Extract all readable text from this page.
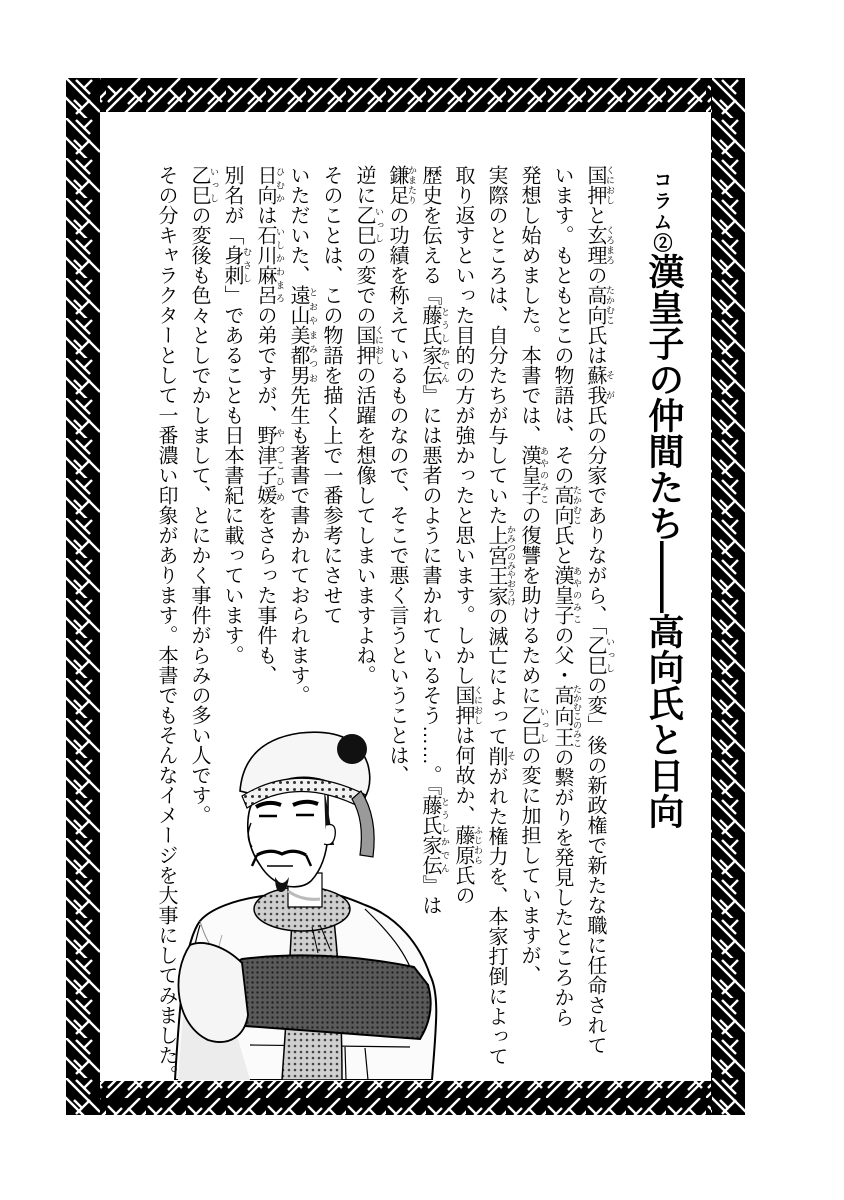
コラム②
漢皇子の仲間たち――高向氏と日向
国押 くにおしと玄理 くろまろの高向 たかむこ氏は蘇我 そが氏の分家でありながら、「乙巳 いっしの変」後の新政権で新たな職に任命されて
います。もともとこの物語は、その高向 たかむこ氏と漢皇子 あやのみこの父・高向王 たかむこのみこの繋がりを発見したところから
発想し始めました。本書では、漢皇子 あやのみこの復讐を助けるために乙巳 いっしの変に加担していますが、
実際のところは、自分たちが与していた上宮王家 かみつのみやおうけの滅亡によって削 そがれた権力を、本家打倒によって
取り返すといった目的の方が強かったと思います。しかし国押 くにおしは何故か、藤原 ふじわら氏の
歴史を伝える『藤氏家伝 とうしかでん』には悪者のように書かれているそう……。『藤氏家伝 とうしかでん』は
鎌足 かまたりの功績を称えているものなので、そこで悪く言うということは、
逆に乙巳 いっしの変での国押 くにおしの活躍を想像してしまいますよね。
そのことは、この物語を描く上で一番参考にさせて
いただいた、遠山美都男 とおやまみつお先生も著書で書かれておられます。
日向 ひむかは石川麻呂 いしかわまろの弟ですが、野津子媛 やつこひめをさらった事件も、
別名が「身刺 むさし」であることも日本書紀に載っています。
乙巳 いっしの変後も色々としでかしまして、とにかく事件がらみの多い人です。
その分キャラクターとして一番濃い印象があります。本書でもそんなイメージを大事にしてみました。
